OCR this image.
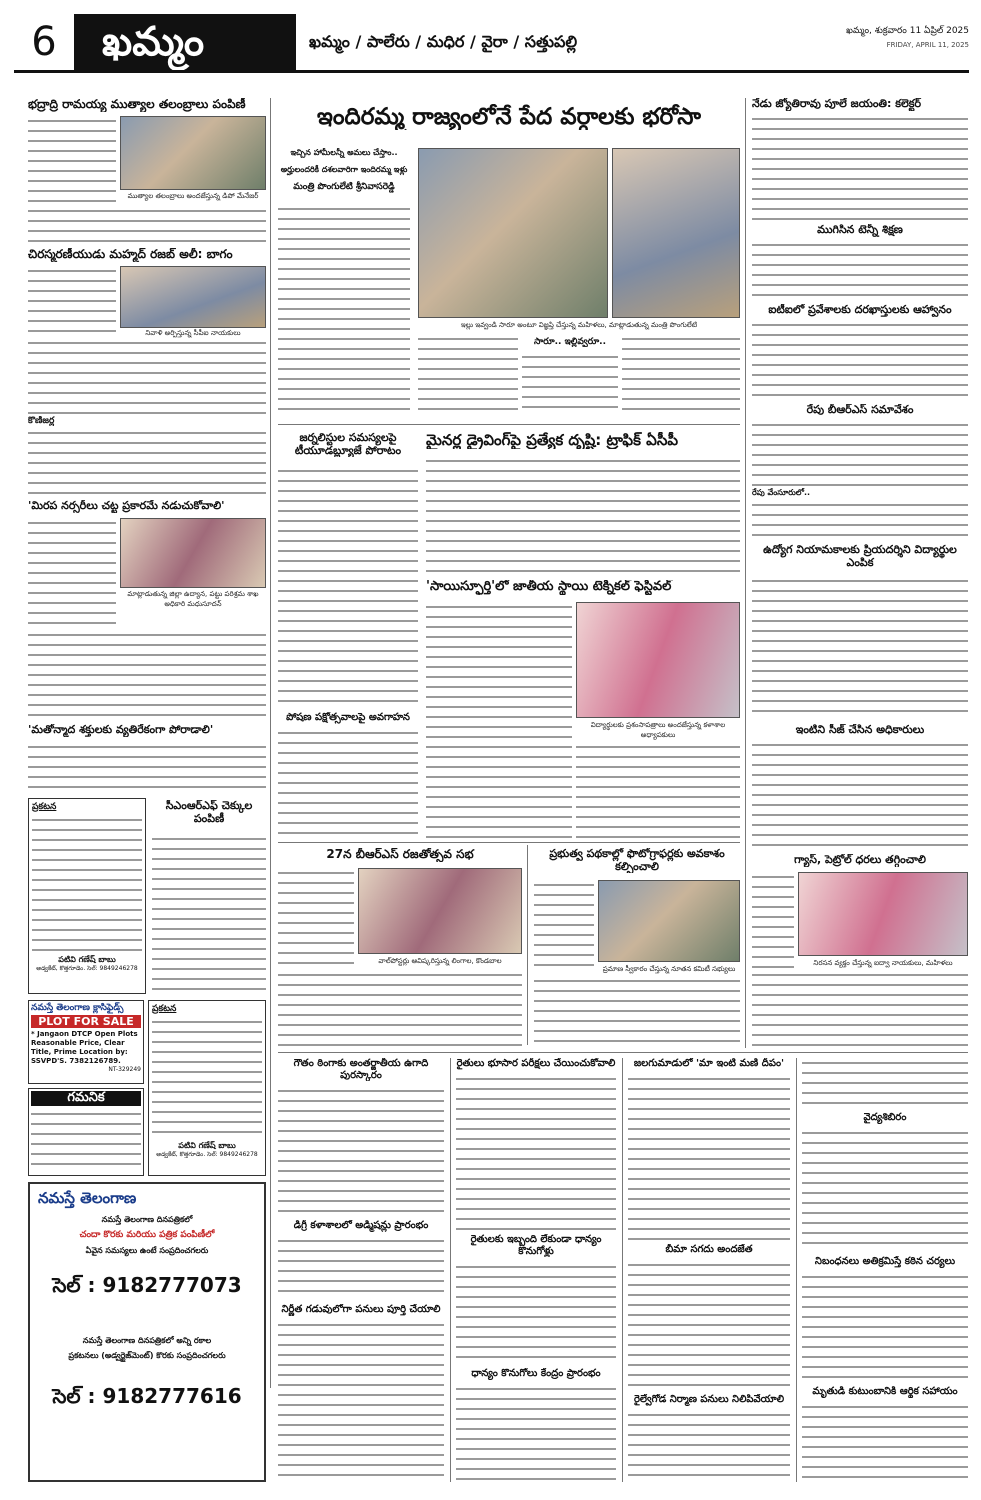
6	ఖమ్మం	ఖమ్మం / పాలేరు / మధిర / వైరా / సత్తుపల్లి
ఖమ్మం, శుక్రవారం 11 ఏప్రిల్ 2025
FRIDAY, APRIL 11, 2025
భద్రాద్రి రామయ్య ముత్యాల తలంబ్రాలు పంపిణీ
ముత్యాల తలంబ్రాలు అందజేస్తున్న డిపో మేనేజర్
చిరస్మరణీయుడు మహ్మద్ రజబ్ అలీ: బాగం
నివాళి అర్పిస్తున్న సీపీఐ నాయకులు
కొణిజర్ల
'మిరప నర్సరీలు చట్ట ప్రకారమే నడుచుకోవాలి'
మాట్లాడుతున్న జిల్లా ఉద్యాన, పట్టు పరిశ్రమ శాఖ అధికారి మధుసూదన్
'మతోన్మాద శక్తులకు వ్యతిరేకంగా పోరాడాలి'
ప్రకటన
పటివి గణేష్ బాబు
అడ్వకేట్, కొత్తగూడెం. సెల్: 9849246278
సీఎంఆర్ఎఫ్ చెక్కుల పంపిణీ
నమస్తే తెలంగాణ క్లాసిఫైడ్స్
PLOT FOR SALE
* Jangaon DTCP Open Plots Reasonable Price, Clear Title, Prime Location by: SSVPD'S. 7382126789.
NT-329249
గమనిక
ప్రకటన
పటివి గణేష్ బాబు
అడ్వకేట్, కొత్తగూడెం. సెల్: 9849246278
నమస్తే తెలంగాణ
నమస్తే తెలంగాణ దినపత్రికలో
చందా కొరకు మరియు పత్రిక పంపిణీలో
ఏవైన సమస్యలు ఉంటే సంప్రదించగలరు
సెల్ : 9182777073
నమస్తే తెలంగాణ దినపత్రికలో అన్ని రకాల
ప్రకటనలు (అడ్వర్టైజ్‌మెంట్) కొరకు సంప్రదించగలరు
సెల్ : 9182777616
ఇందిరమ్మ రాజ్యంలోనే పేద వర్గాలకు భరోసా
ఇచ్చిన హామీలన్నీ అమలు చేస్తాం..
అర్హులందరికీ దశలవారిగా ఇందిరమ్మ ఇళ్లు
మంత్రి పొంగులేటి శ్రీనివాసరెడ్డి
ఇల్లు ఇవ్వండి సారూ అంటూ విజ్ఞప్తి చేస్తున్న మహిళలు, మాట్లాడుతున్న మంత్రి పొంగులేటి
సారూ.. ఇల్లివ్వరూ..
జర్నలిస్టుల సమస్యలపై టీయూడబ్ల్యూజే పోరాటం
మైనర్ల డ్రైవింగ్‌పై ప్రత్యేక దృష్టి: ట్రాఫిక్ ఏసీపీ
పోషణ పక్షోత్సవాలపై అవగాహన
'సాయిస్ఫూర్తి'లో జాతీయ స్థాయి టెక్నికల్ ఫెస్టివల్
విద్యార్థులకు ప్రశంసాపత్రాలు అందజేస్తున్న కళాశాల అధ్యాపకులు
27న బీఆర్ఎస్ రజతోత్సవ సభ
వాల్‌పోస్టర్లు ఆవిష్కరిస్తున్న లింగాల, కొండబాల
ప్రభుత్వ పథకాల్లో ఫొటోగ్రాఫర్లకు అవకాశం కల్పించాలి
ప్రమాణ స్వీకారం చేస్తున్న నూతన కమిటీ సభ్యులు
నేడు జ్యోతిరావు పూలే జయంతి: కలెక్టర్
ముగిసిన టెన్నీ శిక్షణ
ఐటీఐలో ప్రవేశాలకు దరఖాస్తులకు ఆహ్వానం
రేపు బీఆర్ఎస్ సమావేశం
రేపు వేంసూరులో..
ఉద్యోగ నియామకాలకు ప్రియదర్శిని విద్యార్థుల ఎంపిక
ఇంటిని సీజ్ చేసిన అధికారులు
గ్యాస్, పెట్రోల్ ధరలు తగ్గించాలి
నిరసన వ్యక్తం చేస్తున్న ఐద్వా నాయకులు, మహిళలు
గౌతం ఠింగాకు అంతర్జాతీయ ఉగాది పురస్కారం
డిగ్రీ కళాశాలలో అడ్మిషన్లు ప్రారంభం
నిర్ణీత గడువులోగా పనులు పూర్తి చేయాలి
రైతులు భూసార పరీక్షలు చేయించుకోవాలి
రైతులకు ఇబ్బంది లేకుండా ధాన్యం కొనుగోళ్లు
ధాన్యం కొనుగోలు కేంద్రం ప్రారంభం
జలగుమాడులో 'మా ఇంటి మణి దీపం'
బీమా సగదు అందజేత
రైల్వేగోడ నిర్మాణ పనులు నిలిపివేయాలి
వైద్యశిబిరం
నిబంధనలు అతిక్రమిస్తే కఠిన చర్యలు
మృతుడి కుటుంబానికి ఆర్థిక సహాయం
